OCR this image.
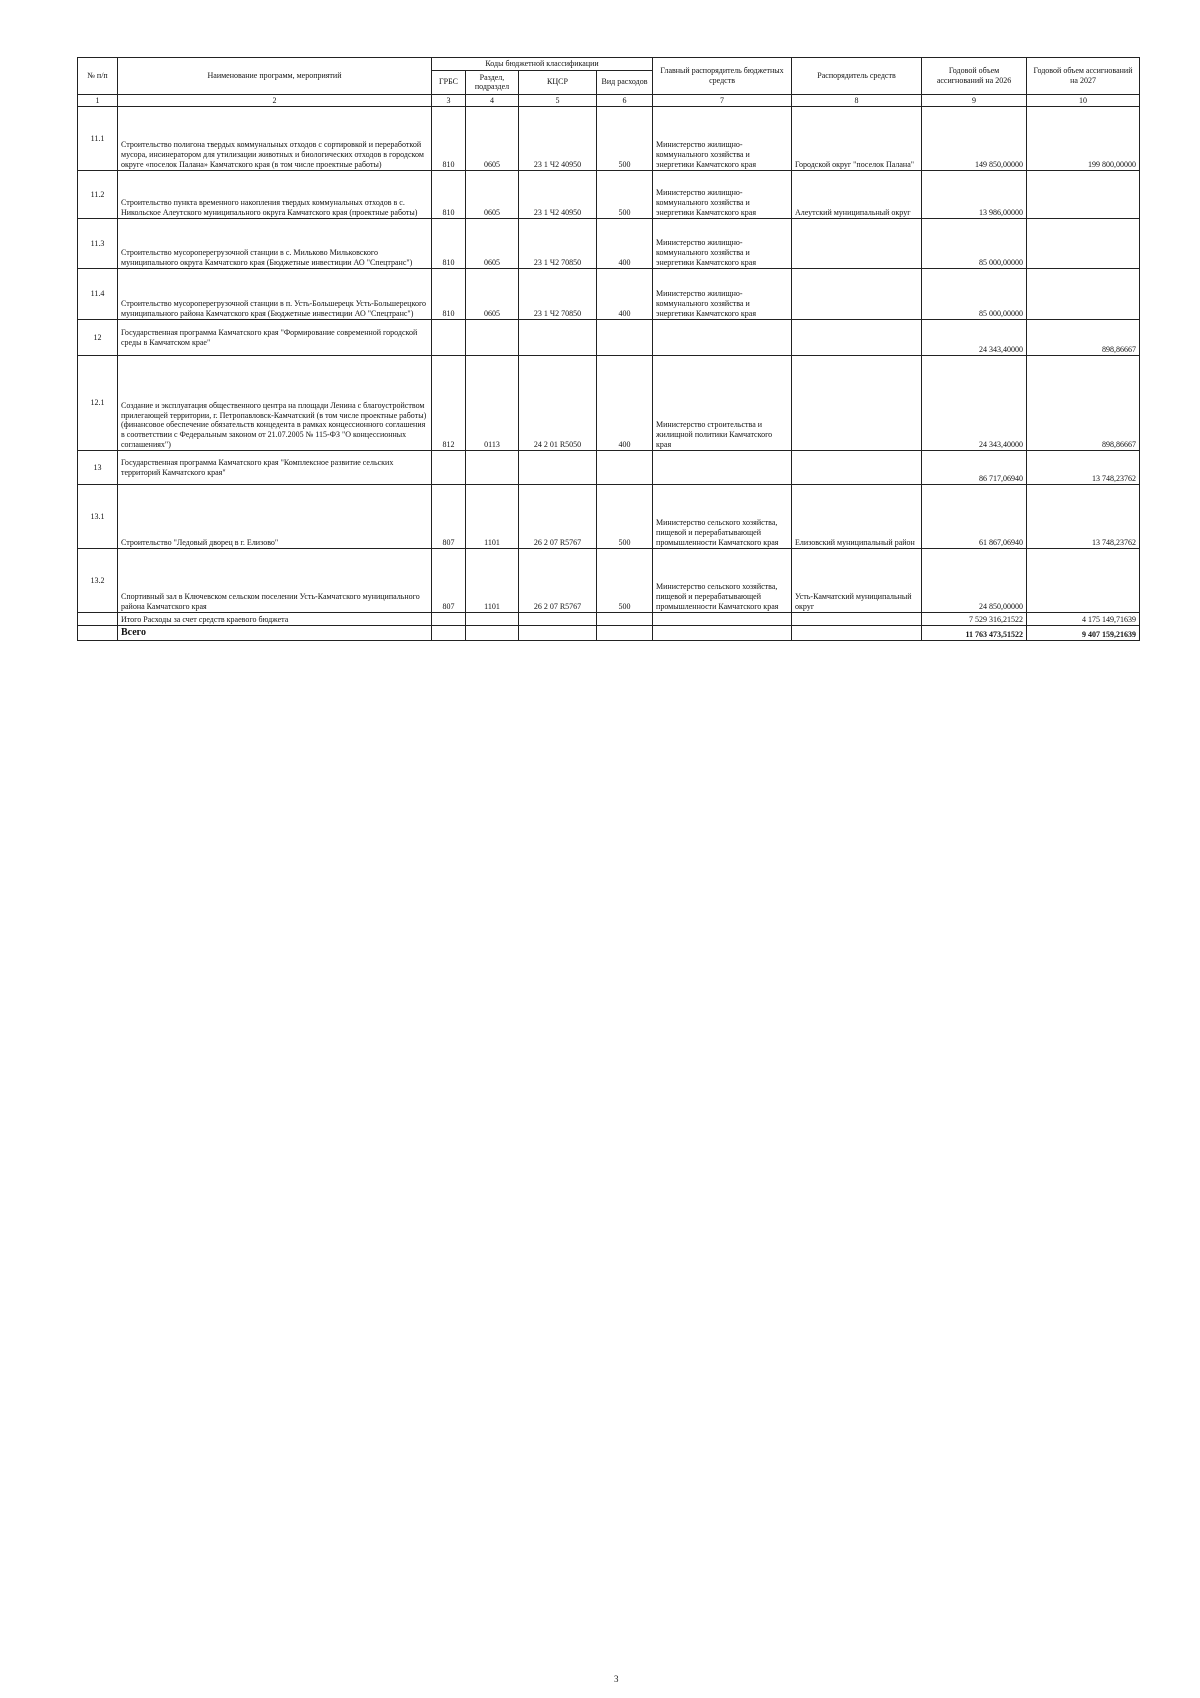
№ п/п	Наименование программ, мероприятий	Коды бюджетной классификации				Главный распорядитель бюджетных средств	Распорядитель средств	Годовой объем ассигнований на 2026	Годовой объем ассигнований на 2027
		ГРБС	Раздел, подраздел	КЦСР	Вид расходов				
1	2	3	4	5	6	7	8	9	10
11.1	Строительство полигона твердых коммунальных отходов с сортировкой и переработкой мусора, инсинератором для утилизации животных и биологических отходов в городском округе «поселок Палана» Камчатского края (в том числе проектные работы)	810	0605	23 1 Ч2 40950	500	Министерство жилищно-коммунального хозяйства и энергетики Камчатского края	Городской округ "поселок Палана"	149 850,00000	199 800,00000
11.2	Строительство пункта временного накопления твердых коммунальных отходов в с. Никольское Алеутского муниципального округа Камчатского края (проектные работы)	810	0605	23 1 Ч2 40950	500	Министерство жилищно-коммунального хозяйства и энергетики Камчатского края	Алеутский муниципальный округ	13 986,00000	
11.3	Строительство мусороперегрузочной станции в с. Мильково Мильковского муниципального округа Камчатского края (Бюджетные инвестиции АО "Спецтранс")	810	0605	23 1 Ч2 70850	400	Министерство жилищно-коммунального хозяйства и энергетики Камчатского края		85 000,00000	
11.4	Строительство мусороперегрузочной станции в п. Усть-Большерецк Усть-Большерецкого муниципального района Камчатского края (Бюджетные инвестиции АО "Спецтранс")	810	0605	23 1 Ч2 70850	400	Министерство жилищно-коммунального хозяйства и энергетики Камчатского края		85 000,00000	
12	Государственная программа Камчатского края "Формирование современной городской среды в Камчатском крае"							24 343,40000	898,86667
12.1	Создание и эксплуатация общественного центра на площади Ленина с благоустройством прилегающей территории, г. Петропавловск-Камчатский (в том числе проектные работы) (финансовое обеспечение обязательств концедента в рамках концессионного соглашения в соответствии с Федеральным законом от 21.07.2005 № 115-ФЗ "О концессионных соглашениях")	812	0113	24 2 01 R5050	400	Министерство строительства и жилищной политики Камчатского края		24 343,40000	898,86667
13	Государственная программа Камчатского края "Комплексное развитие сельских территорий Камчатского края"							86 717,06940	13 748,23762
13.1	Строительство "Ледовый дворец в г. Елизово"	807	1101	26 2 07 R5767	500	Министерство сельского хозяйства, пищевой и перерабатывающей промышленности Камчатского края	Елизовский муниципальный район	61 867,06940	13 748,23762
13.2	Спортивный зал в Ключевском сельском поселении Усть-Камчатского муниципального района Камчатского края	807	1101	26 2 07 R5767	500	Министерство сельского хозяйства, пищевой и перерабатывающей промышленности Камчатского края	Усть-Камчатский муниципальный округ	24 850,00000	
	Итого Расходы за счет средств краевого бюджета							7 529 316,21522	4 175 149,71639
	Всего							11 763 473,51522	9 407 159,21639
3
